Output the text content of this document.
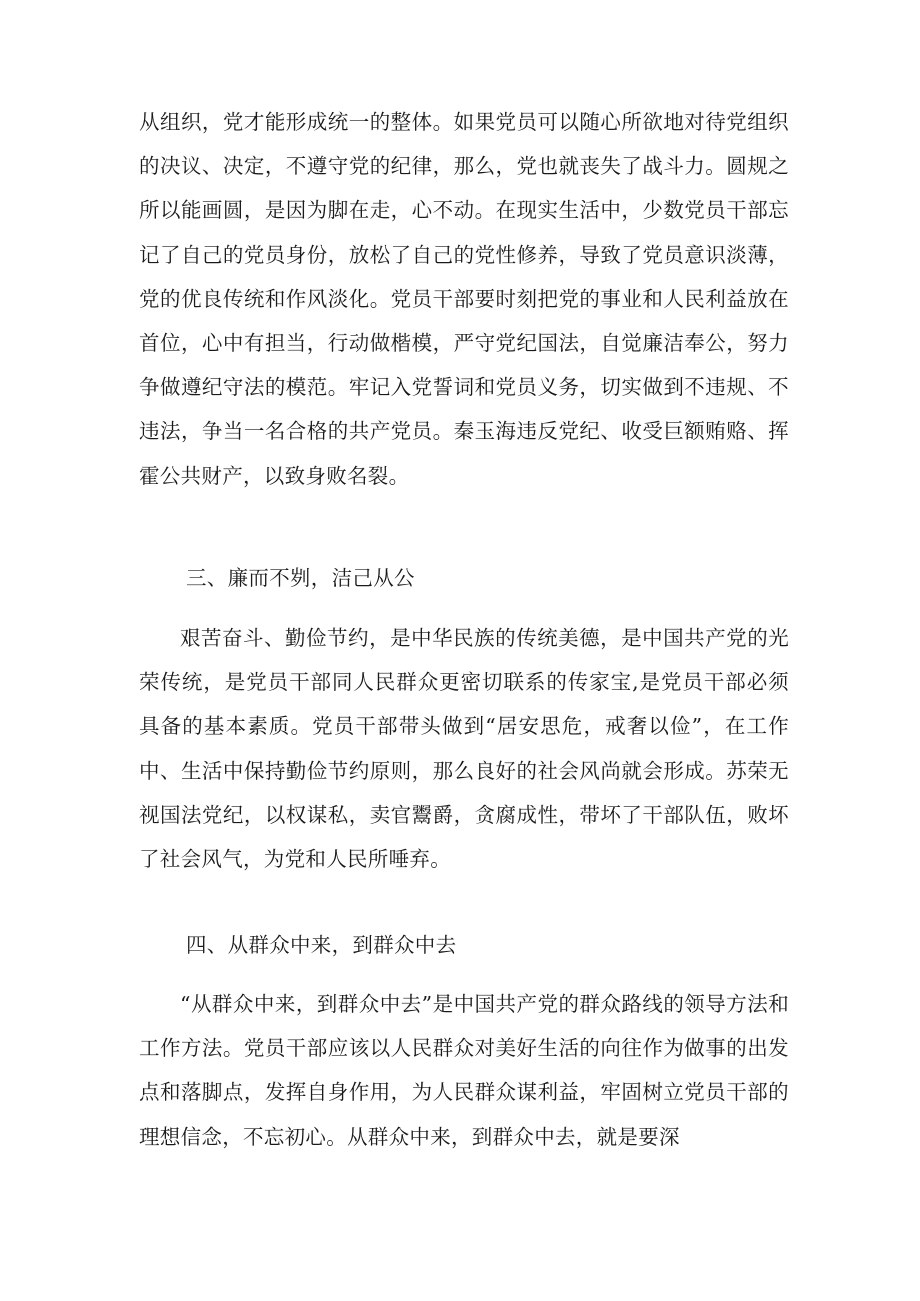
从组织，党才能形成统一的整体。如果党员可以随心所欲地对待党组织的决议、决定，不遵守党的纪律，那么，党也就丧失了战斗力。圆规之所以能画圆，是因为脚在走，心不动。在现实生活中，少数党员干部忘记了自己的党员身份，放松了自己的党性修养，导致了党员意识淡薄，党的优良传统和作风淡化。党员干部要时刻把党的事业和人民利益放在首位，心中有担当，行动做楷模，严守党纪国法，自觉廉洁奉公，努力争做遵纪守法的模范。牢记入党誓词和党员义务，切实做到不违规、不违法，争当一名合格的共产党员。秦玉海违反党纪、收受巨额贿赂、挥霍公共财产，以致身败名裂。

三、廉而不刿，洁己从公

艰苦奋斗、勤俭节约，是中华民族的传统美德，是中国共产党的光荣传统，是党员干部同人民群众更密切联系的传家宝,是党员干部必须具备的基本素质。党员干部带头做到“居安思危，戒奢以俭”，在工作中、生活中保持勤俭节约原则，那么良好的社会风尚就会形成。苏荣无视国法党纪，以权谋私，卖官鬻爵，贪腐成性，带坏了干部队伍，败坏了社会风气，为党和人民所唾弃。

四、从群众中来，到群众中去

“从群众中来，到群众中去”是中国共产党的群众路线的领导方法和工作方法。党员干部应该以人民群众对美好生活的向往作为做事的出发点和落脚点，发挥自身作用，为人民群众谋利益，牢固树立党员干部的理想信念，不忘初心。从群众中来，到群众中去，就是要深
